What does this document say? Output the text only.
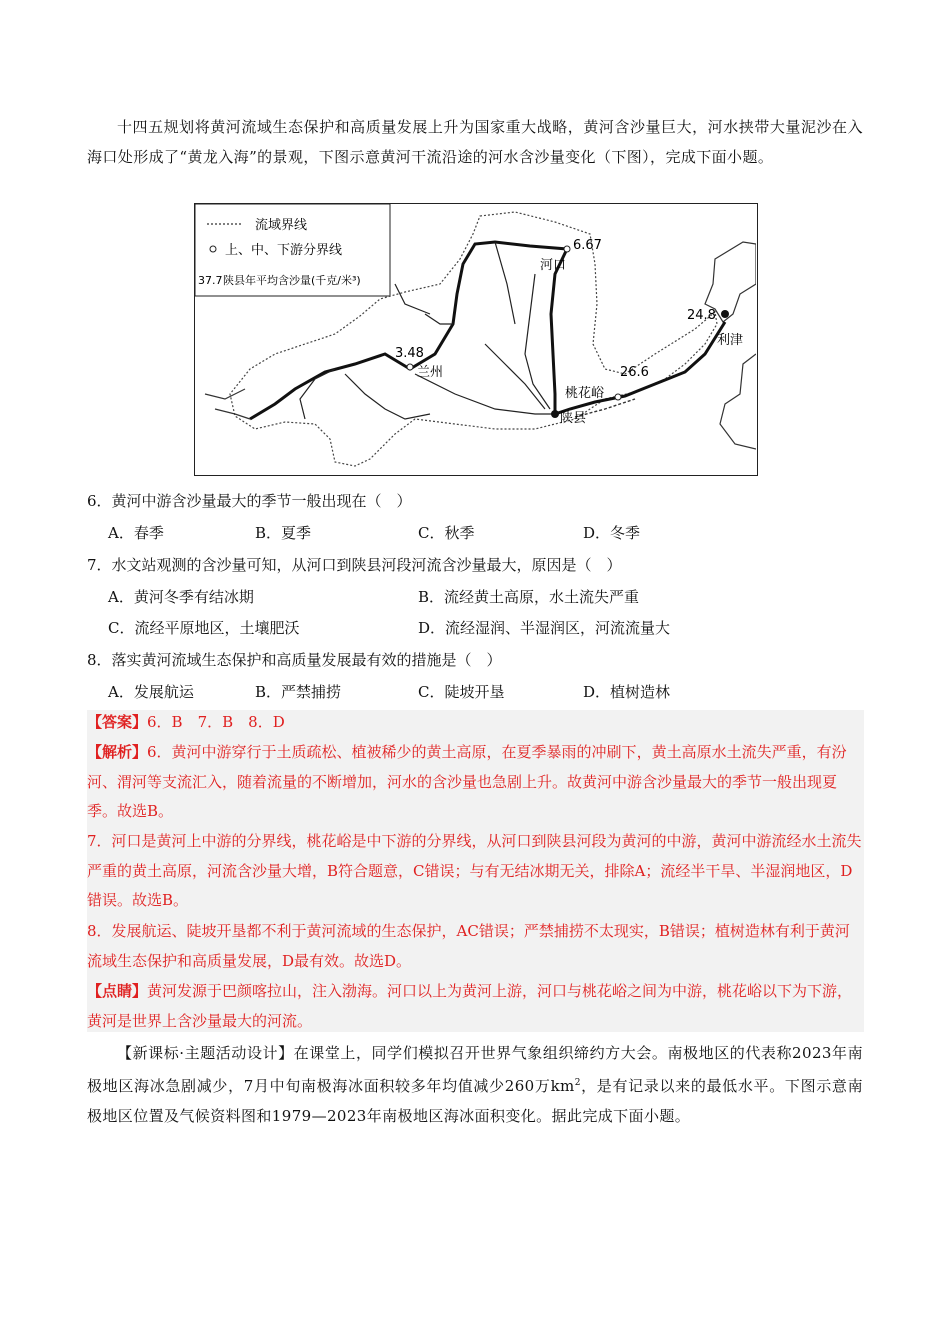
十四五规划将黄河流域生态保护和高质量发展上升为国家重大战略，黄河含沙量巨大，河水挟带大量泥沙在入海口处形成了“黄龙入海”的景观，下图示意黄河干流沿途的河水含沙量变化（下图），完成下面小题。
流域界线
上、中、下游分界线
37.7 陕县年平均含沙量(千克/米³)
6.67
河口
3.48
兰州
陕县
26.6
桃花峪
24.8
利津
6．黄河中游含沙量最大的季节一般出现在（　）
A．春季	B．夏季	C．秋季	D．冬季
7．水文站观测的含沙量可知，从河口到陕县河段河流含沙量最大，原因是（　）
A．黄河冬季有结冰期	B．流经黄土高原，水土流失严重
C．流经平原地区，土壤肥沃	D．流经湿润、半湿润区，河流流量大
8．落实黄河流域生态保护和高质量发展最有效的措施是（　）
A．发展航运	B．严禁捕捞	C．陡坡开垦	D．植树造林
【答案】6．B　7．B　8．D
【解析】6．黄河中游穿行于土质疏松、植被稀少的黄土高原，在夏季暴雨的冲刷下，黄土高原水土流失严重，有汾河、渭河等支流汇入，随着流量的不断增加，河水的含沙量也急剧上升。故黄河中游含沙量最大的季节一般出现夏季。故选B。
7．河口是黄河上中游的分界线，桃花峪是中下游的分界线，从河口到陕县河段为黄河的中游，黄河中游流经水土流失严重的黄土高原，河流含沙量大增，B符合题意，C错误；与有无结冰期无关，排除A；流经半干旱、半湿润地区，D错误。故选B。
8．发展航运、陡坡开垦都不利于黄河流域的生态保护，AC错误；严禁捕捞不太现实，B错误；植树造林有利于黄河流域生态保护和高质量发展，D最有效。故选D。
【点睛】黄河发源于巴颜喀拉山，注入渤海。河口以上为黄河上游，河口与桃花峪之间为中游，桃花峪以下为下游，黄河是世界上含沙量最大的河流。
【新课标·主题活动设计】在课堂上，同学们模拟召开世界气象组织缔约方大会。南极地区的代表称2023年南极地区海冰急剧减少，7月中旬南极海冰面积较多年均值减少260万$km^2$，是有记录以来的最低水平。下图示意南极地区位置及气候资料图和1979—2023年南极地区海冰面积变化。据此完成下面小题。
